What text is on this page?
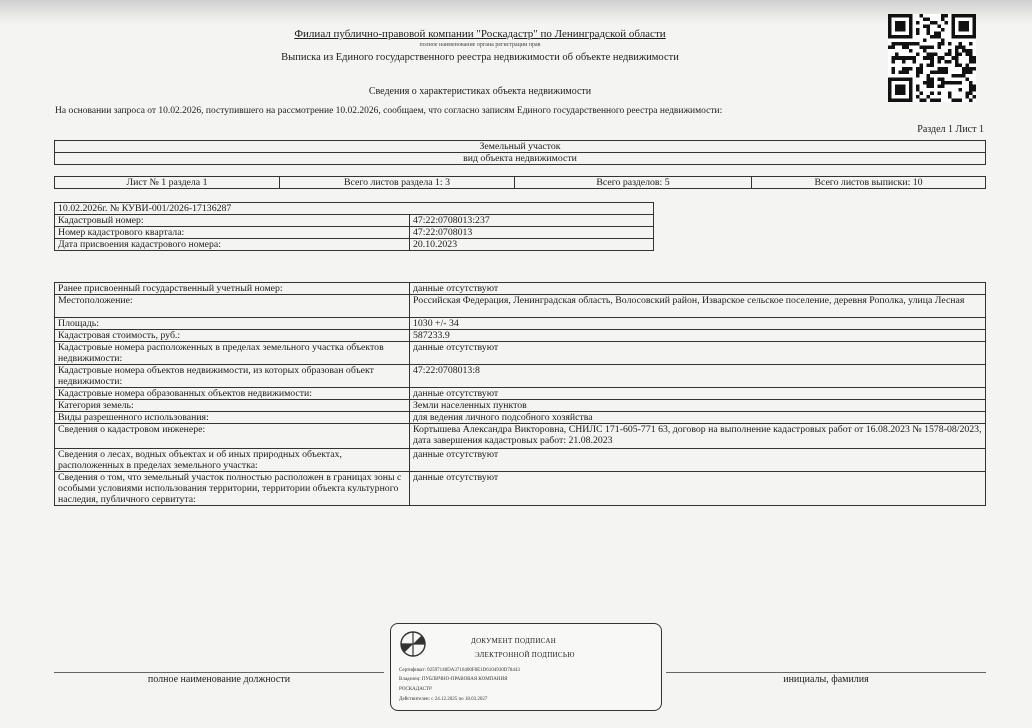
Филиал публично-правовой компании "Роскадастр" по Ленинградской области
полное наименование органа регистрации прав
Выписка из Единого государственного реестра недвижимости об объекте недвижимости
Сведения о характеристиках объекта недвижимости
На основании запроса от 10.02.2026, поступившего на рассмотрение 10.02.2026, сообщаем, что согласно записям Единого государственного реестра недвижимости:
Раздел 1 Лист 1
Земельный участок
вид объекта недвижимости
Лист № 1 раздела 1	Всего листов раздела 1: 3	Всего разделов: 5	Всего листов выписки: 10
10.02.2026г. № КУВИ-001/2026-17136287	
Кадастровый номер:	47:22:0708013:237
Номер кадастрового квартала:	47:22:0708013
Дата присвоения кадастрового номера:	20.10.2023
Ранее присвоенный государственный учетный номер:	данные отсутствуют
Местоположение:	Российская Федерация, Ленинградская область, Волосовский район, Изварское сельское поселение, деревня Рополка, улица Лесная
Площадь:	1030 +/- 34
Кадастровая стоимость, руб.:	587233.9
Кадастровые номера расположенных в пределах земельного участка объектов недвижимости:	данные отсутствуют
Кадастровые номера объектов недвижимости, из которых образован объект недвижимости:	47:22:0708013:8
Кадастровые номера образованных объектов недвижимости:	данные отсутствуют
Категория земель:	Земли населенных пунктов
Виды разрешенного использования:	для ведения личного подсобного хозяйства
Сведения о кадастровом инженере:	Кортышева Александра Викторовна, СНИЛС 171-605-771 63, договор на выполнение кадастровых работ от 16.08.2023 № 1578-08/2023, дата завершения кадастровых работ: 21.08.2023
Сведения о лесах, водных объектах и об иных природных объектах, расположенных в пределах земельного участка:	данные отсутствуют
Сведения о том, что земельный участок полностью расположен в границах зоны с особыми условиями использования территории, территории объекта культурного наследия, публичного сервитута:	данные отсутствуют
полное наименование должности	инициалы, фамилия
ДОКУМЕНТ ПОДПИСАН
ЭЛЕКТРОННОЙ ПОДПИСЬЮ
Сертификат: 02597148DA3716400F8E1D6104930D78443
Владелец: ПУБЛИЧНО-ПРАВОВАЯ КОМПАНИЯ
РОСКАДАСТР
Действителен: с 24.12.2025 по 18.03.2027
